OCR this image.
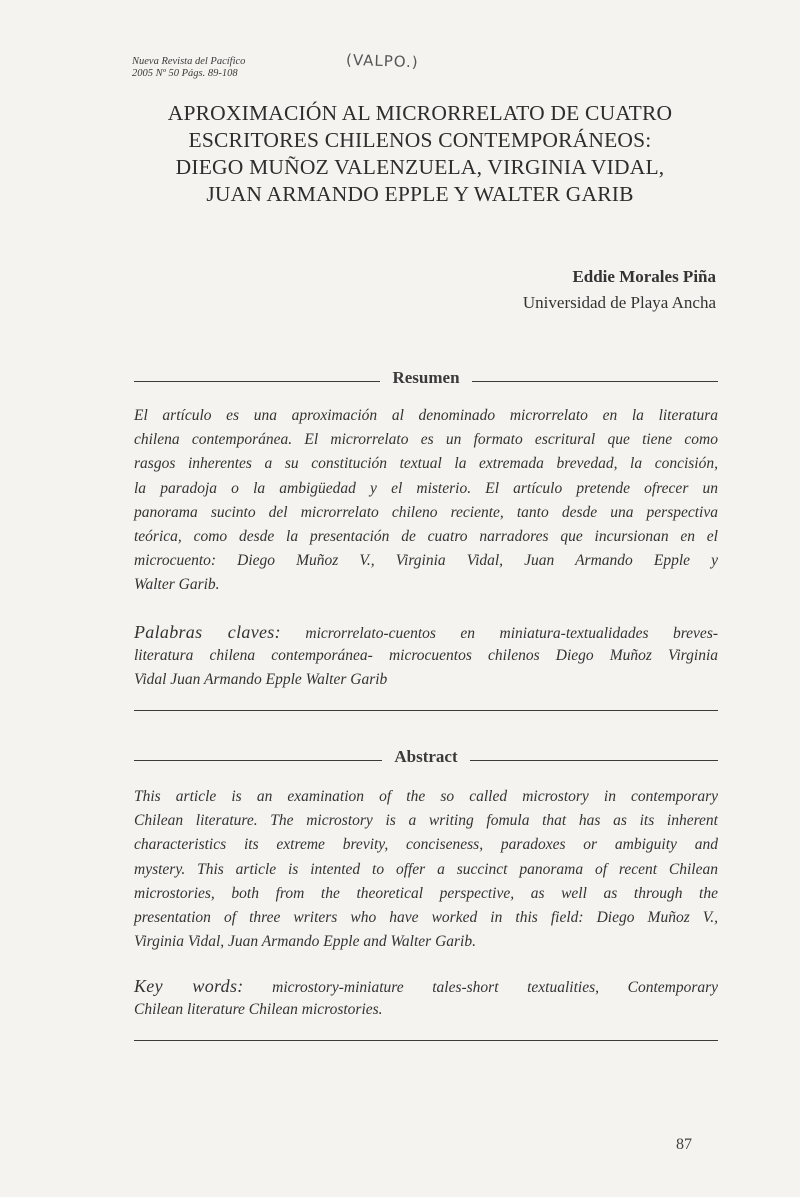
Nueva Revista del Pacífico
2005 Nº 50 Págs. 89-108
(VALPO.)
APROXIMACIÓN AL MICRORRELATO DE CUATRO
ESCRITORES CHILENOS CONTEMPORÁNEOS:
DIEGO MUÑOZ VALENZUELA, VIRGINIA VIDAL,
JUAN ARMANDO EPPLE Y WALTER GARIB
Eddie Morales Piña
Universidad de Playa Ancha
Resumen
El artículo es una aproximación al denominado microrrelato en la literatura
chilena contemporánea. El microrrelato es un formato escritural que tiene como
rasgos inherentes a su constitución textual la extremada brevedad, la concisión,
la paradoja o la ambigüedad y el misterio. El artículo pretende ofrecer un
panorama sucinto del microrrelato chileno reciente, tanto desde una perspectiva
teórica, como desde la presentación de cuatro narradores que incursionan en el
microcuento: Diego Muñoz V., Virginia Vidal, Juan Armando Epple y
Walter Garib.
Palabras claves: microrrelato-cuentos en miniatura-textualidades breves-
literatura chilena contemporánea- microcuentos chilenos Diego Muñoz Virginia
Vidal Juan Armando Epple Walter Garib
Abstract
This article is an examination of the so called microstory in contemporary
Chilean literature. The microstory is a writing fomula that has as its inherent
characteristics its extreme brevity, conciseness, paradoxes or ambiguity and
mystery. This article is intented to offer a succinct panorama of recent Chilean
microstories, both from the theoretical perspective, as well as through the
presentation of three writers who have worked in this field: Diego Muñoz V.,
Virginia Vidal, Juan Armando Epple and Walter Garib.
Key words: microstory-miniature tales-short textualities, Contemporary
Chilean literature Chilean microstories.
87
